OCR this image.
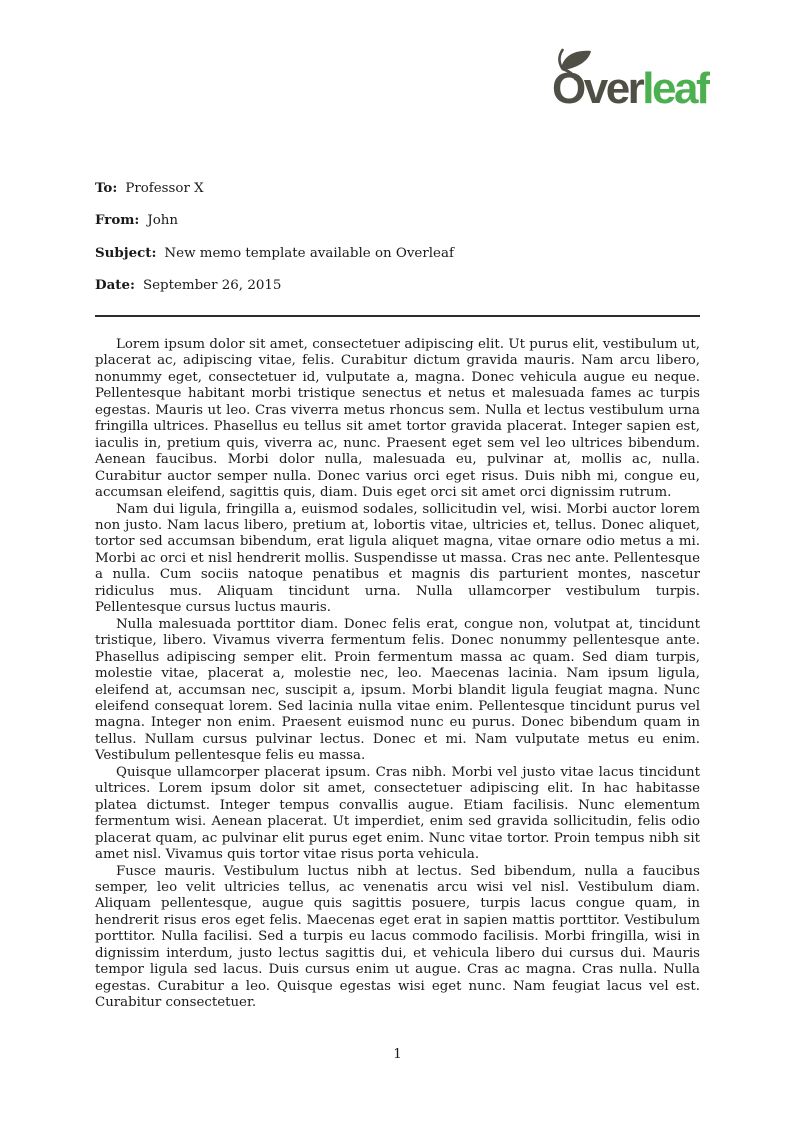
Overleaf
To: Professor X
From: John
Subject: New memo template available on Overleaf
Date: September 26, 2015

Lorem ipsum dolor sit amet, consectetuer adipiscing elit. Ut purus elit, vestibulum ut, placerat ac, adipiscing vitae, felis. Curabitur dictum gravida mauris. Nam arcu libero, nonummy eget, consectetuer id, vulputate a, magna. Donec vehicula augue eu neque. Pellentesque habitant morbi tristique senectus et netus et malesuada fames ac turpis egestas. Mauris ut leo. Cras viverra metus rhoncus sem. Nulla et lectus vestibulum urna fringilla ultrices. Phasellus eu tellus sit amet tortor gravida placerat. Integer sapien est, iaculis in, pretium quis, viverra ac, nunc. Praesent eget sem vel leo ultrices bibendum. Aenean faucibus. Morbi dolor nulla, malesuada eu, pulvinar at, mollis ac, nulla. Curabitur auctor semper nulla. Donec varius orci eget risus. Duis nibh mi, congue eu, accumsan eleifend, sagittis quis, diam. Duis eget orci sit amet orci dignissim rutrum.

Nam dui ligula, fringilla a, euismod sodales, sollicitudin vel, wisi. Morbi auctor lorem non justo. Nam lacus libero, pretium at, lobortis vitae, ultricies et, tellus. Donec aliquet, tortor sed accumsan bibendum, erat ligula aliquet magna, vitae ornare odio metus a mi. Morbi ac orci et nisl hendrerit mollis. Suspendisse ut massa. Cras nec ante. Pellentesque a nulla. Cum sociis natoque penatibus et magnis dis parturient montes, nascetur ridiculus mus. Aliquam tincidunt urna. Nulla ullamcorper vestibulum turpis. Pellentesque cursus luctus mauris.

Nulla malesuada porttitor diam. Donec felis erat, congue non, volutpat at, tincidunt tristique, libero. Vivamus viverra fermentum felis. Donec nonummy pellentesque ante. Phasellus adipiscing semper elit. Proin fermentum massa ac quam. Sed diam turpis, molestie vitae, placerat a, molestie nec, leo. Maecenas lacinia. Nam ipsum ligula, eleifend at, accumsan nec, suscipit a, ipsum. Morbi blandit ligula feugiat magna. Nunc eleifend consequat lorem. Sed lacinia nulla vitae enim. Pellentesque tincidunt purus vel magna. Integer non enim. Praesent euismod nunc eu purus. Donec bibendum quam in tellus. Nullam cursus pulvinar lectus. Donec et mi. Nam vulputate metus eu enim. Vestibulum pellentesque felis eu massa.

Quisque ullamcorper placerat ipsum. Cras nibh. Morbi vel justo vitae lacus tincidunt ultrices. Lorem ipsum dolor sit amet, consectetuer adipiscing elit. In hac habitasse platea dictumst. Integer tempus convallis augue. Etiam facilisis. Nunc elementum fermentum wisi. Aenean placerat. Ut imperdiet, enim sed gravida sollicitudin, felis odio placerat quam, ac pulvinar elit purus eget enim. Nunc vitae tortor. Proin tempus nibh sit amet nisl. Vivamus quis tortor vitae risus porta vehicula.

Fusce mauris. Vestibulum luctus nibh at lectus. Sed bibendum, nulla a faucibus semper, leo velit ultricies tellus, ac venenatis arcu wisi vel nisl. Vestibulum diam. Aliquam pellentesque, augue quis sagittis posuere, turpis lacus congue quam, in hendrerit risus eros eget felis. Maecenas eget erat in sapien mattis porttitor. Vestibulum porttitor. Nulla facilisi. Sed a turpis eu lacus commodo facilisis. Morbi fringilla, wisi in dignissim interdum, justo lectus sagittis dui, et vehicula libero dui cursus dui. Mauris tempor ligula sed lacus. Duis cursus enim ut augue. Cras ac magna. Cras nulla. Nulla egestas. Curabitur a leo. Quisque egestas wisi eget nunc. Nam feugiat lacus vel est. Curabitur consectetuer.

1
